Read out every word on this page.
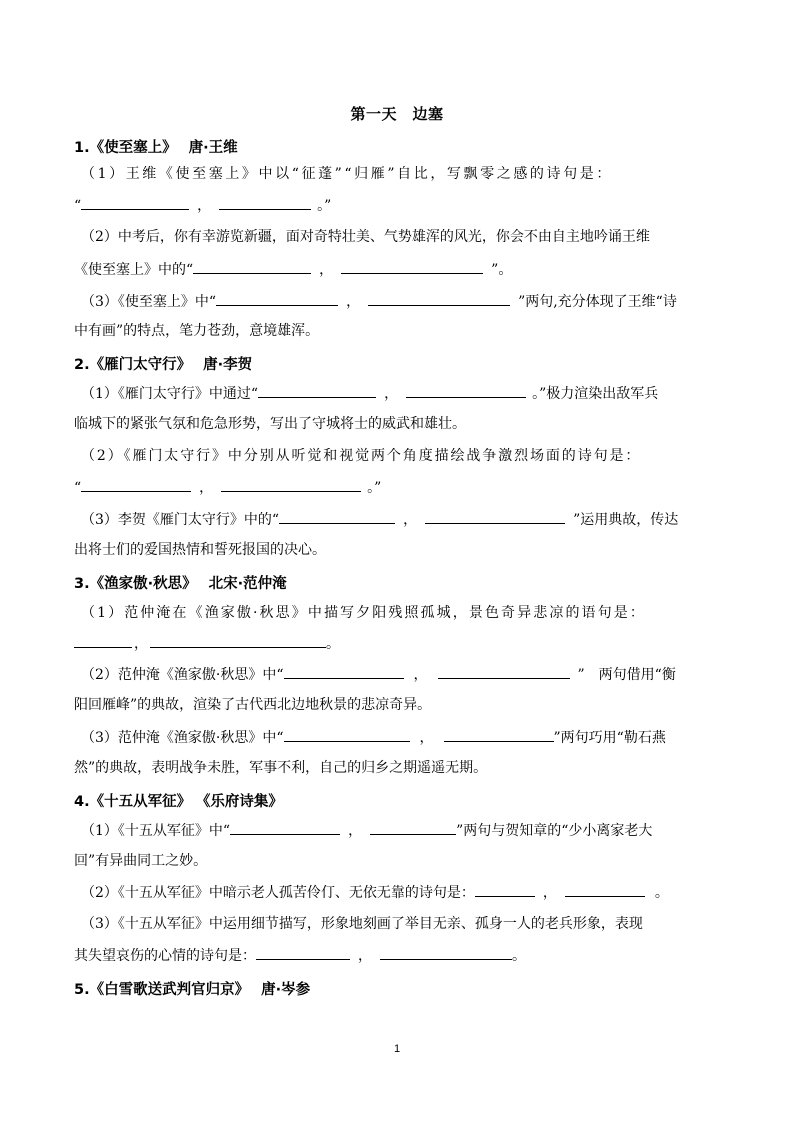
第一天　边塞
1.《使至塞上》 唐·王维
（1）王维《使至塞上》中以“征蓬”“归雁”自比，写飘零之感的诗句是：
“	，	。”
（2）中考后，你有幸游览新疆，面对奇特壮美、气势雄浑的风光，你会不由自主地吟诵王维
《使至塞上》中的“	，	”。
（3）《使至塞上》中“	，	”两句,充分体现了王维“诗
中有画”的特点，笔力苍劲，意境雄浑。
2.《雁门太守行》 唐·李贺
（1）《雁门太守行》中通过“	，	。”极力渲染出敌军兵
临城下的紧张气氛和危急形势，写出了守城将士的威武和雄壮。
（2）《雁门太守行》中分别从听觉和视觉两个角度描绘战争激烈场面的诗句是：
“	，	。”
（3）李贺《雁门太守行》中的“	，	”运用典故，传达
出将士们的爱国热情和誓死报国的决心。
3.《渔家傲·秋思》 北宋·范仲淹
（1）范仲淹在《渔家傲·秋思》中描写夕阳残照孤城，景色奇异悲凉的语句是：
，	。
（2）范仲淹《渔家傲·秋思》中“	，	”　两句借用“衡
阳回雁峰”的典故，渲染了古代西北边地秋景的悲凉奇异。
（3）范仲淹《渔家傲·秋思》中“	，	”两句巧用“勒石燕
然”的典故，表明战争未胜，军事不利，自己的归乡之期遥遥无期。
4.《十五从军征》 《乐府诗集》
（1）《十五从军征》中“	，	”两句与贺知章的“少小离家老大
回”有异曲同工之妙。
（2）《十五从军征》中暗示老人孤苦伶仃、无依无靠的诗句是：	，	。
（3）《十五从军征》中运用细节描写，形象地刻画了举目无亲、孤身一人的老兵形象，表现
其失望哀伤的心情的诗句是：	，	。
5.《白雪歌送武判官归京》 唐·岑参
1
